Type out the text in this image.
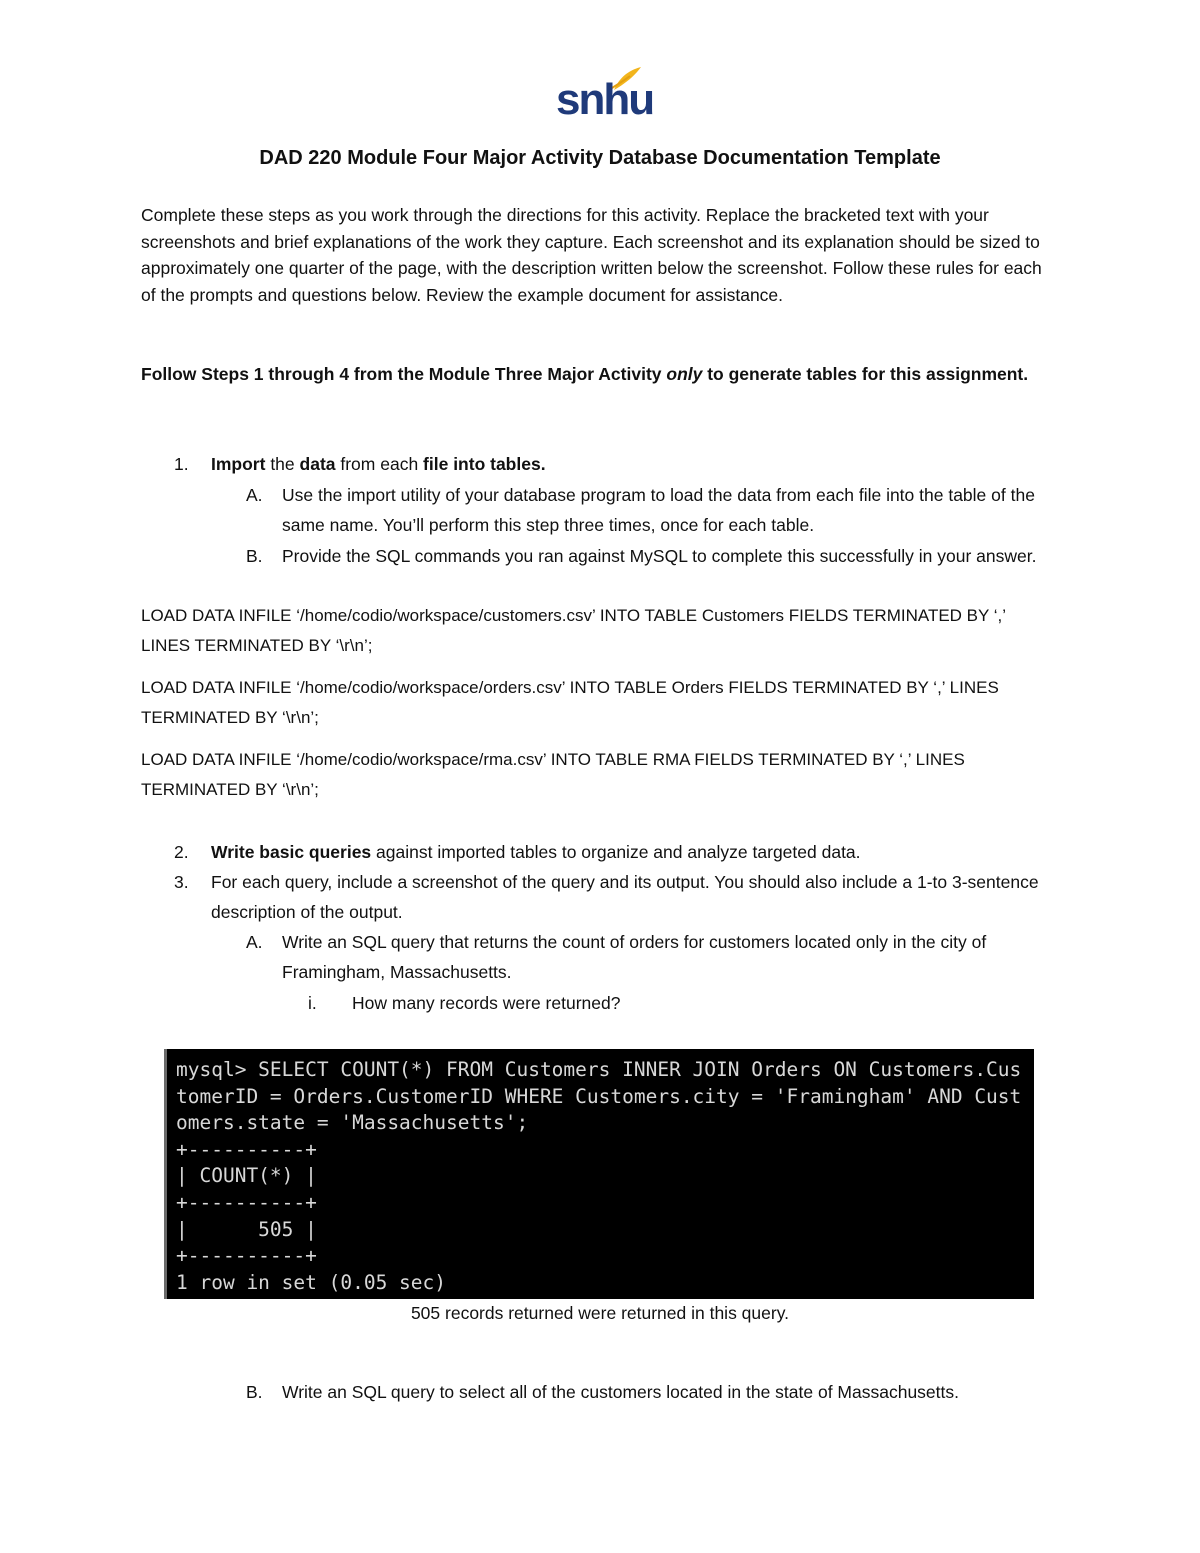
snhu
DAD 220 Module Four Major Activity Database Documentation Template
Complete these steps as you work through the directions for this activity. Replace the bracketed text with your screenshots and brief explanations of the work they capture. Each screenshot and its explanation should be sized to approximately one quarter of the page, with the description written below the screenshot. Follow these rules for each of the prompts and questions below. Review the example document for assistance.
Follow Steps 1 through 4 from the Module Three Major Activity only to generate tables for this assignment.
1. Import the data from each file into tables.
A. Use the import utility of your database program to load the data from each file into the table of the same name. You’ll perform this step three times, once for each table.
B. Provide the SQL commands you ran against MySQL to complete this successfully in your answer.
LOAD DATA INFILE ‘/home/codio/workspace/customers.csv’ INTO TABLE Customers FIELDS TERMINATED BY ‘,’ LINES TERMINATED BY ‘\r\n’;
LOAD DATA INFILE ‘/home/codio/workspace/orders.csv’ INTO TABLE Orders FIELDS TERMINATED BY ‘,’ LINES TERMINATED BY ‘\r\n’;
LOAD DATA INFILE ‘/home/codio/workspace/rma.csv’ INTO TABLE RMA FIELDS TERMINATED BY ‘,’ LINES TERMINATED BY ‘\r\n’;
2. Write basic queries against imported tables to organize and analyze targeted data.
3. For each query, include a screenshot of the query and its output. You should also include a 1-to 3-sentence description of the output.
A. Write an SQL query that returns the count of orders for customers located only in the city of Framingham, Massachusetts.
i. How many records were returned?
mysql> SELECT COUNT(*) FROM Customers INNER JOIN Orders ON Customers.Cus
tomerID = Orders.CustomerID WHERE Customers.city = 'Framingham' AND Cust
omers.state = 'Massachusetts';
+----------+
| COUNT(*) |
+----------+
|      505 |
+----------+
1 row in set (0.05 sec)
505 records returned were returned in this query.
B. Write an SQL query to select all of the customers located in the state of Massachusetts.
